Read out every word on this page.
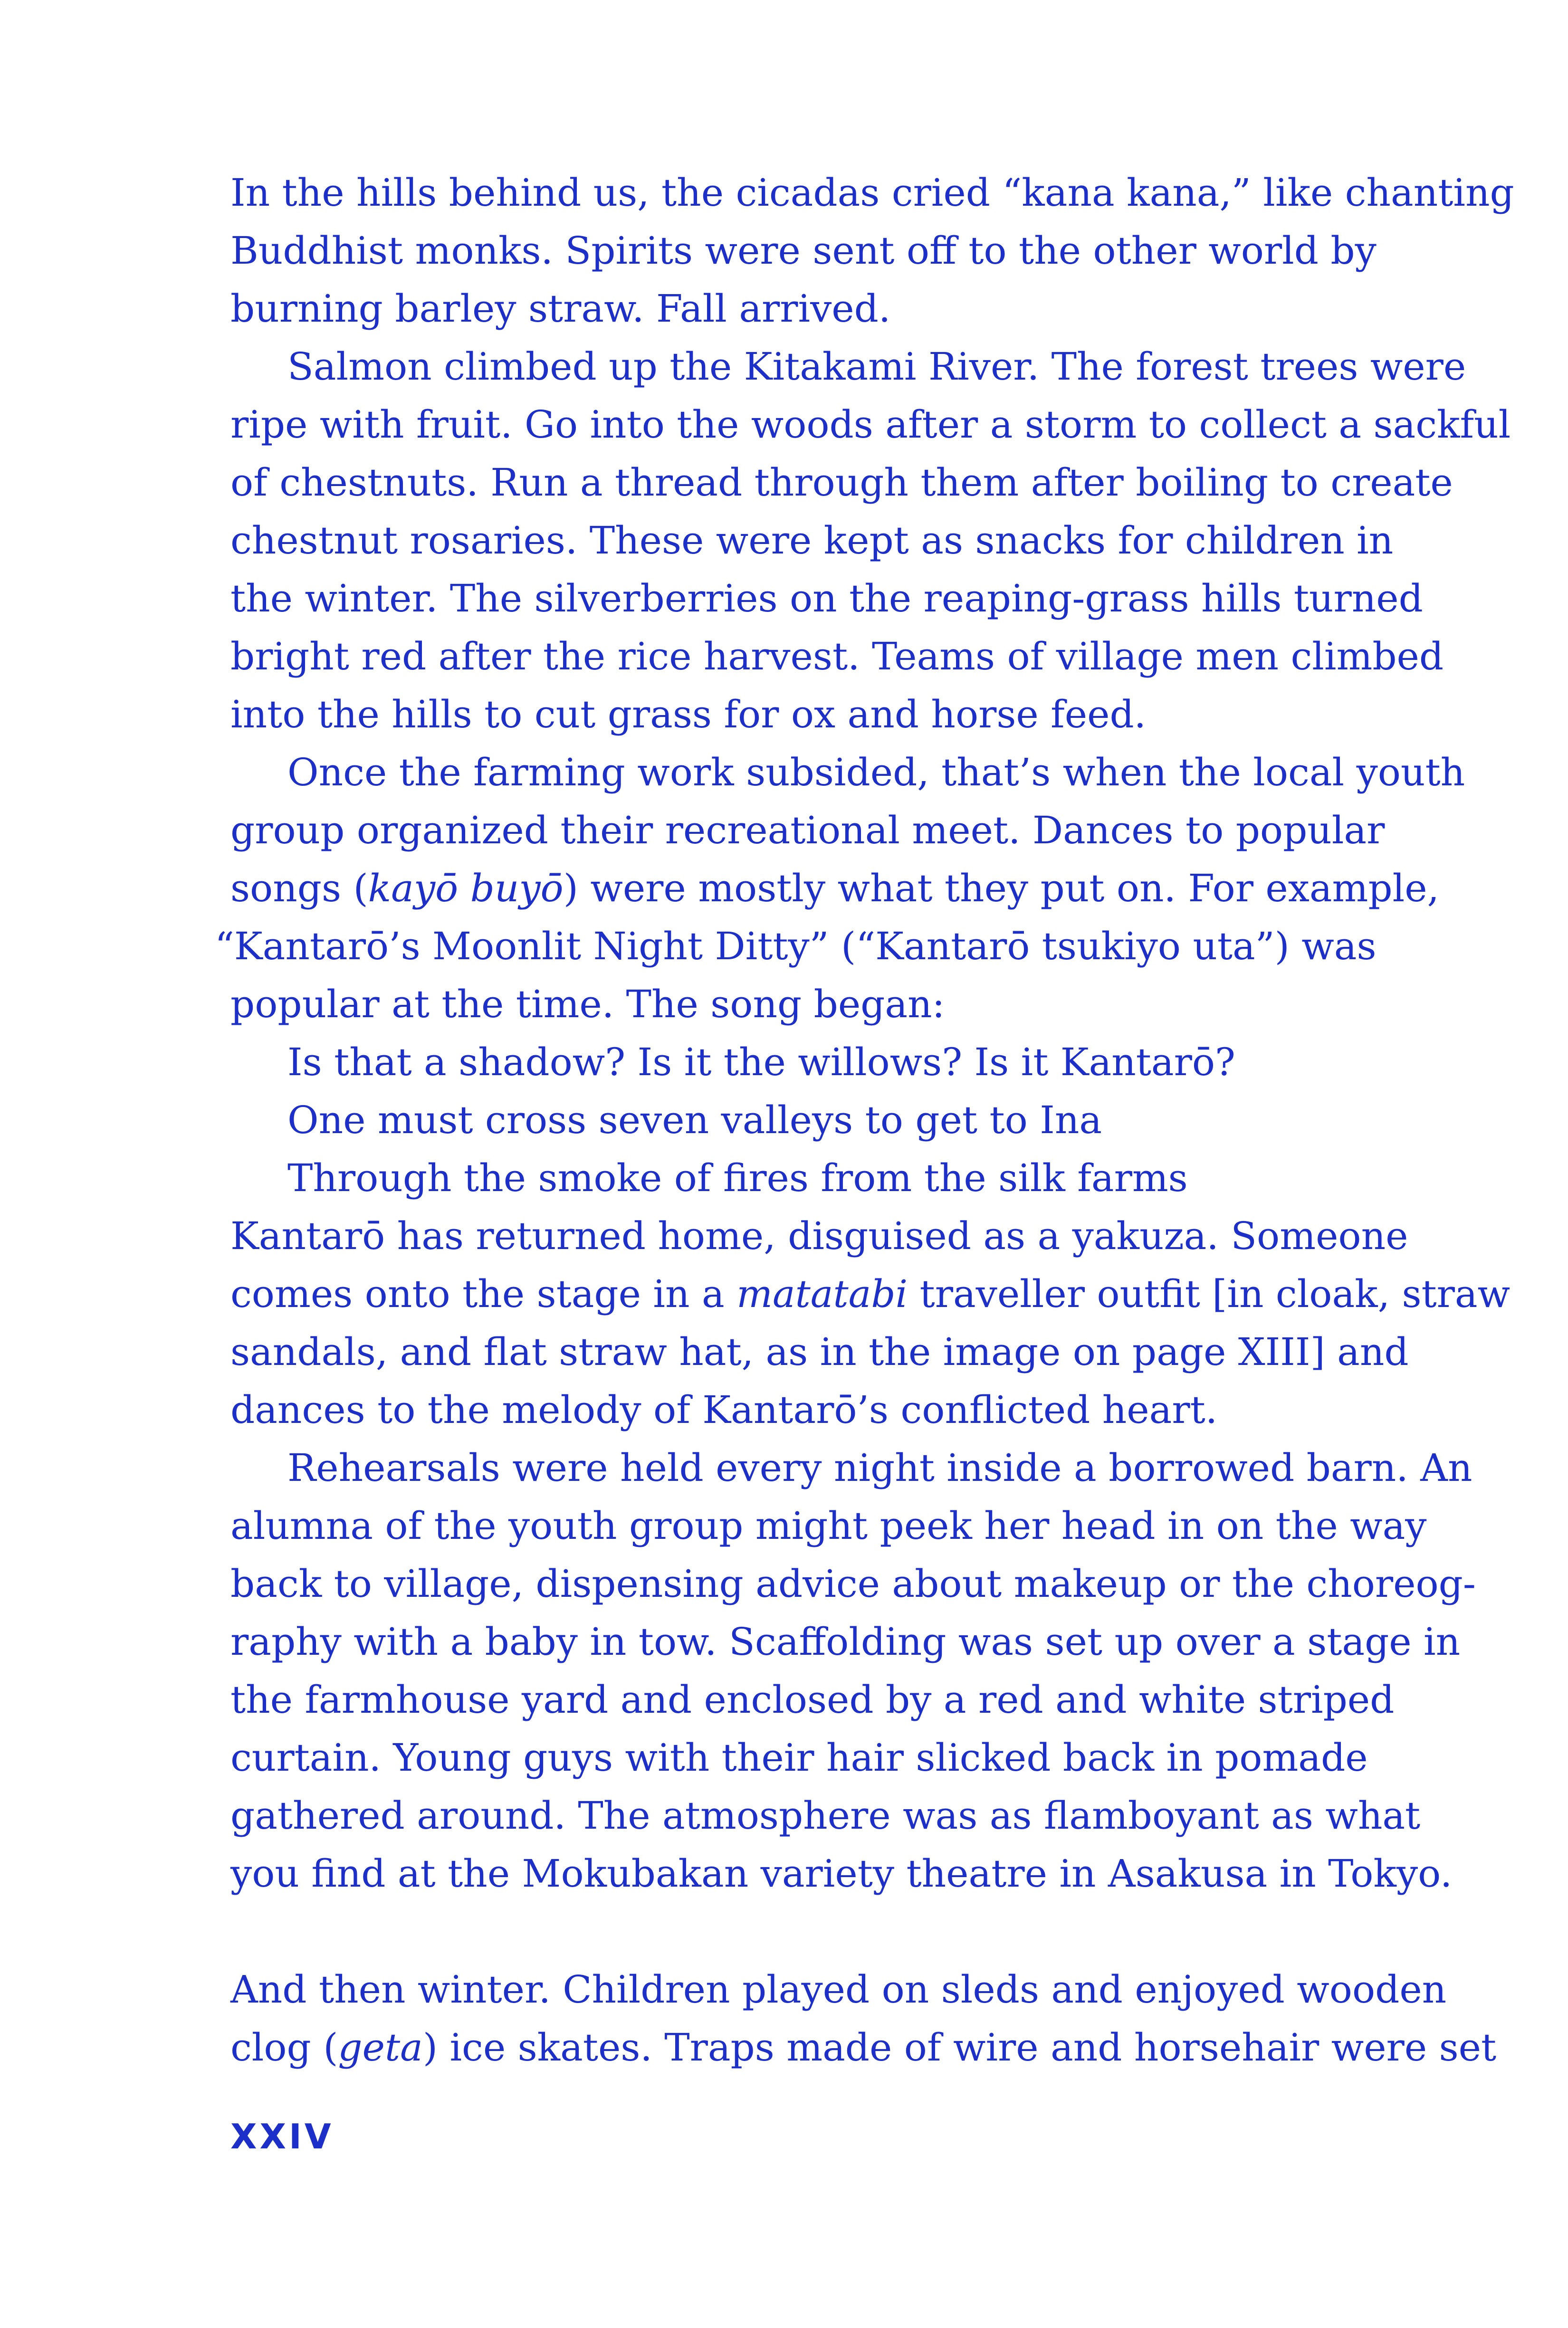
In the hills behind us, the cicadas cried “kana kana,” like chanting
Buddhist monks. Spirits were sent off to the other world by
burning barley straw. Fall arrived.
Salmon climbed up the Kitakami River. The forest trees were
ripe with fruit. Go into the woods after a storm to collect a sackful
of chestnuts. Run a thread through them after boiling to create
chestnut rosaries. These were kept as snacks for children in
the winter. The silverberries on the reaping-grass hills turned
bright red after the rice harvest. Teams of village men climbed
into the hills to cut grass for ox and horse feed.
Once the farming work subsided, that’s when the local youth
group organized their recreational meet. Dances to popular
songs (kayō buyō) were mostly what they put on. For example,
“Kantarō’s Moonlit Night Ditty” (“Kantarō tsukiyo uta”) was
popular at the time. The song began:
Is that a shadow? Is it the willows? Is it Kantarō?
One must cross seven valleys to get to Ina
Through the smoke of fires from the silk farms
Kantarō has returned home, disguised as a yakuza. Someone
comes onto the stage in a matatabi traveller outfit [in cloak, straw
sandals, and flat straw hat, as in the image on page XIII] and
dances to the melody of Kantarō’s conflicted heart.
Rehearsals were held every night inside a borrowed barn. An
alumna of the youth group might peek her head in on the way
back to village, dispensing advice about makeup or the choreog-
raphy with a baby in tow. Scaffolding was set up over a stage in
the farmhouse yard and enclosed by a red and white striped
curtain. Young guys with their hair slicked back in pomade
gathered around. The atmosphere was as flamboyant as what
you find at the Mokubakan variety theatre in Asakusa in Tokyo.
And then winter. Children played on sleds and enjoyed wooden
clog (geta) ice skates. Traps made of wire and horsehair were set
XXIV
